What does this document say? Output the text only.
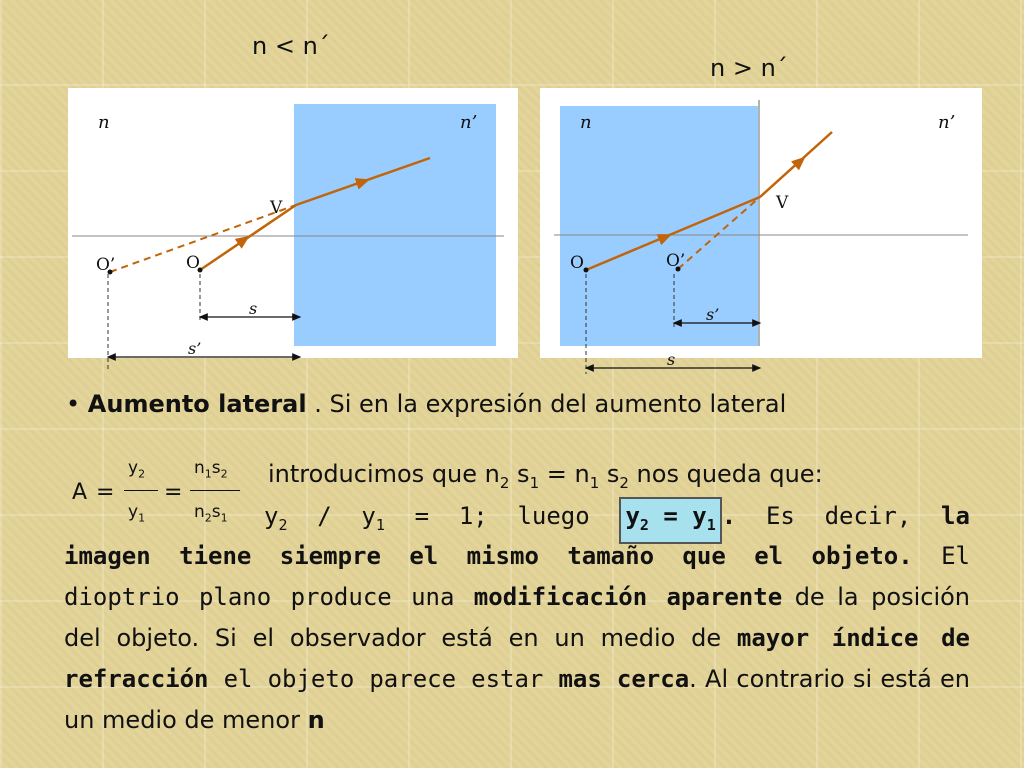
n < n´
n > n´
n	n’
V
O
O’
s
s’
n	n’
V
O	O’
s’
s
• Aumento lateral . Si en la expresión del aumento lateral
A =
$y_2$
$y_1$
=
$n_1s_2$
$n_2s_1$
introducimos que $n_2$ $s_1 = n_1$ $s_2$ nos queda que:
$y_2 / y_1 = 1$; luego $y_2 = y_1$ . Es decir, la
imagen tiene siempre el mismo tamaño que el objeto. El dioptrio plano produce una modificación aparente de la posición del objeto. Si el observador está en un medio de mayor índice de refracción el objeto parece estar mas cerca. Al contrario si está en un medio de menor n
